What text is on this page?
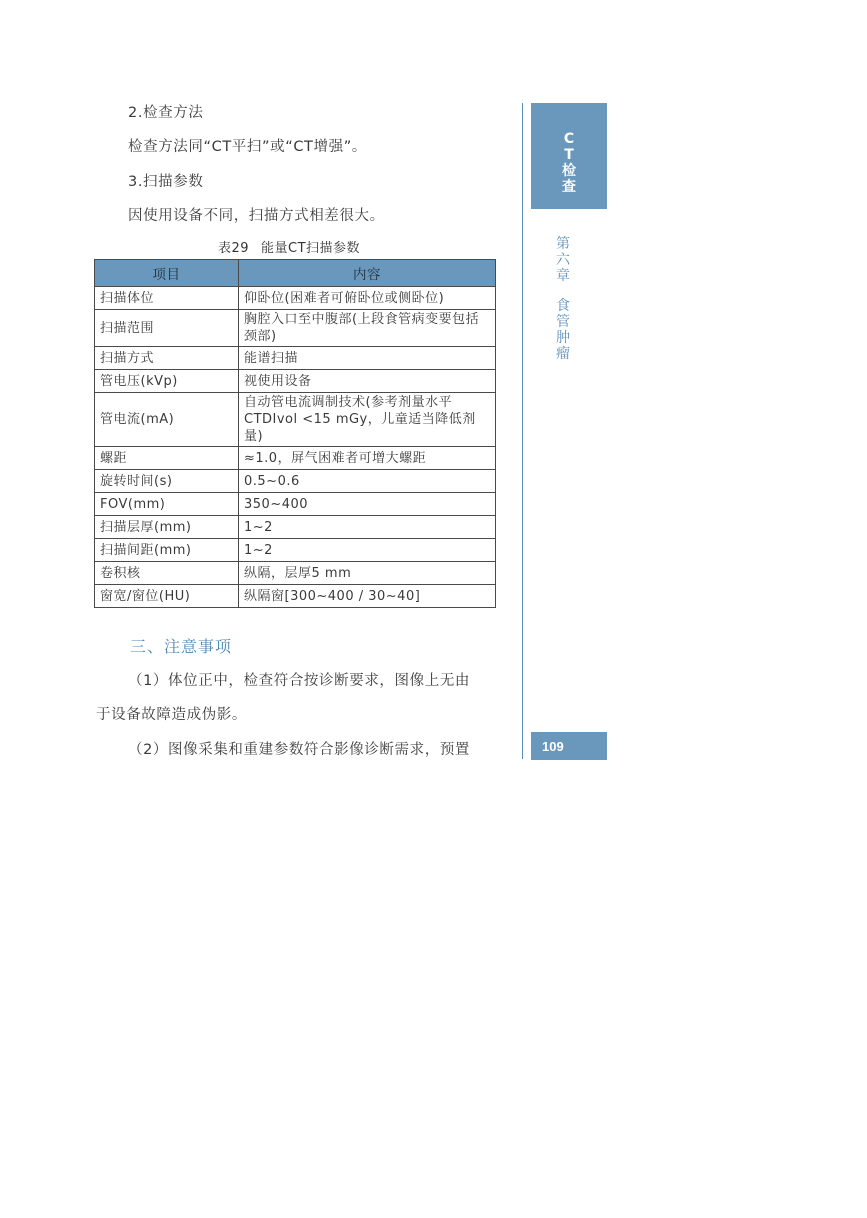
2.检查方法
检查方法同“CT平扫”或“CT增强”。
3.扫描参数
因使用设备不同，扫描方式相差很大。
表29 能量CT扫描参数
项目	内容
扫描体位	仰卧位(困难者可俯卧位或侧卧位)
扫描范围	胸腔入口至中腹部(上段食管病变要包括颈部)
扫描方式	能谱扫描
管电压(kVp)	视使用设备
管电流(mA)	自动管电流调制技术(参考剂量水平CTDIvol <15 mGy，儿童适当降低剂量)
螺距	≈1.0，屏气困难者可增大螺距
旋转时间(s)	0.5~0.6
FOV(mm)	350~400
扫描层厚(mm)	1~2
扫描间距(mm)	1~2
卷积核	纵隔，层厚5 mm
窗宽/窗位(HU)	纵隔窗[300~400 / 30~40]
三、注意事项
（1）体位正中，检查符合按诊断要求，图像上无由
于设备故障造成伪影。
（2）图像采集和重建参数符合影像诊断需求，预置
C
T
检
查
第
六
章
食
管
肿
瘤
109
